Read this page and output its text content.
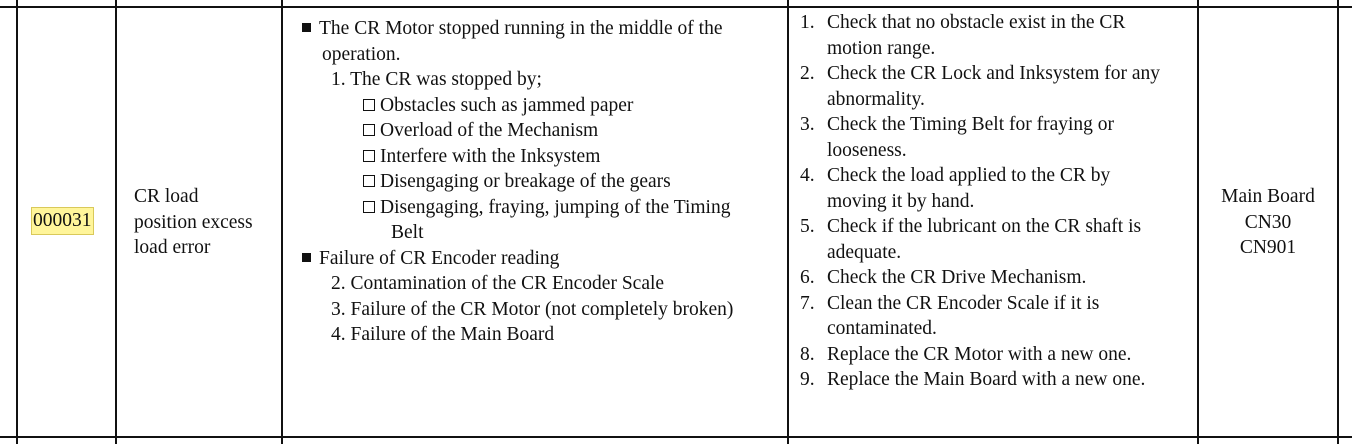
000031
CR load
position excess
load error
The CR Motor stopped running in the middle of the
operation.
1. The CR was stopped by;
Obstacles such as jammed paper
Overload of the Mechanism
Interfere with the Inksystem
Disengaging or breakage of the gears
Disengaging, fraying, jumping of the Timing
Belt
Failure of CR Encoder reading
2. Contamination of the CR Encoder Scale
3. Failure of the CR Motor (not completely broken)
4. Failure of the Main Board
1. Check that no obstacle exist in the CR
motion range.
2. Check the CR Lock and Inksystem for any
abnormality.
3. Check the Timing Belt for fraying or
looseness.
4. Check the load applied to the CR by
moving it by hand.
5. Check if the lubricant on the CR shaft is
adequate.
6. Check the CR Drive Mechanism.
7. Clean the CR Encoder Scale if it is
contaminated.
8. Replace the CR Motor with a new one.
9. Replace the Main Board with a new one.
Main Board
CN30
CN901
